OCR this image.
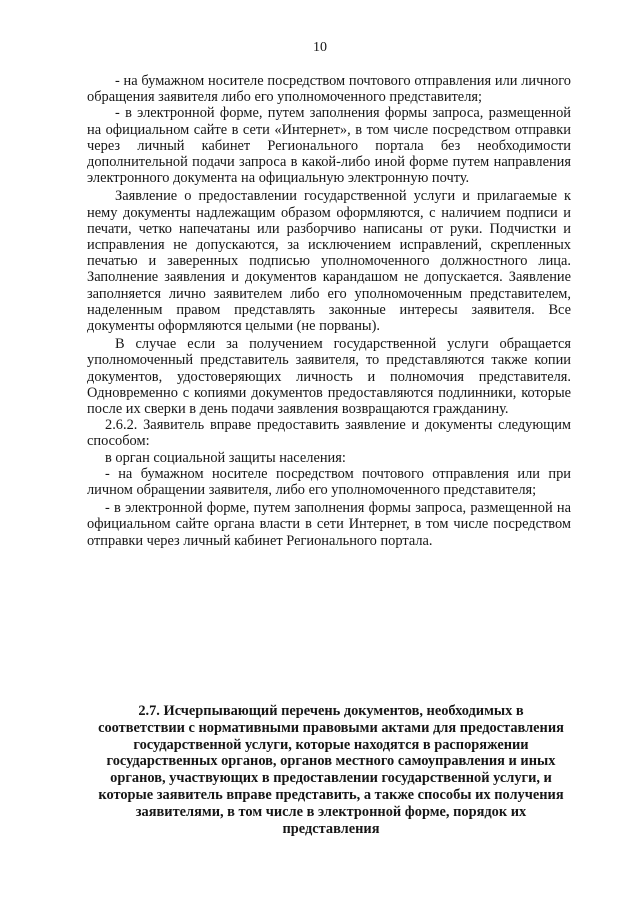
10

- на бумажном носителе посредством почтового отправления или личного обращения заявителя либо его уполномоченного представителя;

- в электронной форме, путем заполнения формы запроса, размещенной на официальном сайте в сети «Интернет», в том числе посредством отправки через личный кабинет Регионального портала без необходимости дополнительной подачи запроса в какой-либо иной форме путем направления электронного документа на официальную электронную почту.

Заявление о предоставлении государственной услуги и прилагаемые к нему документы надлежащим образом оформляются, с наличием подписи и печати, четко напечатаны или разборчиво написаны от руки. Подчистки и исправления не допускаются, за исключением исправлений, скрепленных печатью и заверенных подписью уполномоченного должностного лица. Заполнение заявления и документов карандашом не допускается. Заявление заполняется лично заявителем либо его уполномоченным представителем, наделенным правом представлять законные интересы заявителя. Все документы оформляются целыми (не порваны).

В случае если за получением государственной услуги обращается уполномоченный представитель заявителя, то представляются также копии документов, удостоверяющих личность и полномочия представителя. Одновременно с копиями документов предоставляются подлинники, которые после их сверки в день подачи заявления возвращаются гражданину.

2.6.2. Заявитель вправе предоставить заявление и документы следующим способом:

в орган социальной защиты населения:

- на бумажном носителе посредством почтового отправления или при личном обращении заявителя, либо его уполномоченного представителя;

- в электронной форме, путем заполнения формы запроса, размещенной на официальном сайте органа власти в сети Интернет, в том числе посредством отправки через личный кабинет Регионального портала.

2.7. Исчерпывающий перечень документов, необходимых в соответствии с нормативными правовыми актами для предоставления государственной услуги, которые находятся в распоряжении государственных органов, органов местного самоуправления и иных органов, участвующих в предоставлении государственной услуги, и которые заявитель вправе представить, а также способы их получения заявителями, в том числе в электронной форме, порядок их представления
